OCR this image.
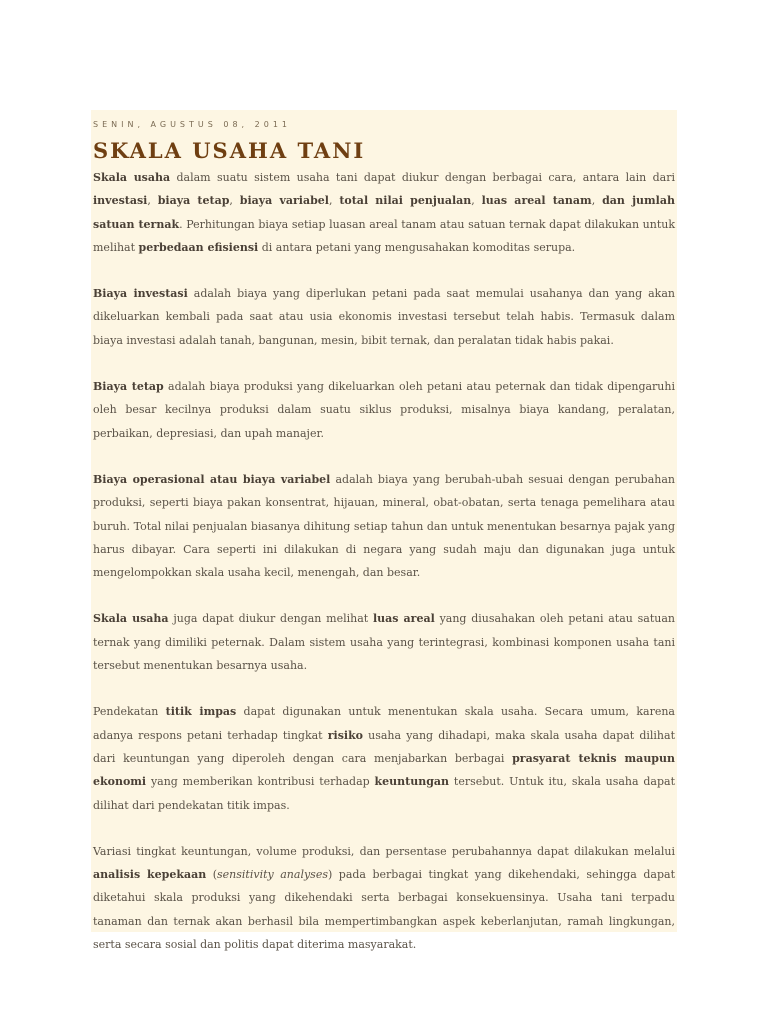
SENIN, AGUSTUS 08, 2011
SKALA USAHA TANI

Skala usaha dalam suatu sistem usaha tani dapat diukur dengan berbagai cara, antara lain dari investasi, biaya tetap, biaya variabel, total nilai penjualan, luas areal tanam, dan jumlah satuan ternak. Perhitungan biaya setiap luasan areal tanam atau satuan ternak dapat dilakukan untuk melihat perbedaan efisiensi di antara petani yang mengusahakan komoditas serupa.

Biaya investasi adalah biaya yang diperlukan petani pada saat memulai usahanya dan yang akan dikeluarkan kembali pada saat atau usia ekonomis investasi tersebut telah habis. Termasuk dalam biaya investasi adalah tanah, bangunan, mesin, bibit ternak, dan peralatan tidak habis pakai.

Biaya tetap adalah biaya produksi yang dikeluarkan oleh petani atau peternak dan tidak dipengaruhi oleh besar kecilnya produksi dalam suatu siklus produksi, misalnya biaya kandang, peralatan, perbaikan, depresiasi, dan upah manajer.

Biaya operasional atau biaya variabel adalah biaya yang berubah-ubah sesuai dengan perubahan produksi, seperti biaya pakan konsentrat, hijauan, mineral, obat-obatan, serta tenaga pemelihara atau buruh. Total nilai penjualan biasanya dihitung setiap tahun dan untuk menentukan besarnya pajak yang harus dibayar. Cara seperti ini dilakukan di negara yang sudah maju dan digunakan juga untuk mengelompokkan skala usaha kecil, menengah, dan besar.

Skala usaha juga dapat diukur dengan melihat luas areal yang diusahakan oleh petani atau satuan ternak yang dimiliki peternak. Dalam sistem usaha yang terintegrasi, kombinasi komponen usaha tani tersebut menentukan besarnya usaha.

Pendekatan titik impas dapat digunakan untuk menentukan skala usaha. Secara umum, karena adanya respons petani terhadap tingkat risiko usaha yang dihadapi, maka skala usaha dapat dilihat dari keuntungan yang diperoleh dengan cara menjabarkan berbagai prasyarat teknis maupun ekonomi yang memberikan kontribusi terhadap keuntungan tersebut. Untuk itu, skala usaha dapat dilihat dari pendekatan titik impas.

Variasi tingkat keuntungan, volume produksi, dan persentase perubahannya dapat dilakukan melalui analisis kepekaan (sensitivity analyses) pada berbagai tingkat yang dikehendaki, sehingga dapat diketahui skala produksi yang dikehendaki serta berbagai konsekuensinya. Usaha tani terpadu tanaman dan ternak akan berhasil bila mempertimbangkan aspek keberlanjutan, ramah lingkungan, serta secara sosial dan politis dapat diterima masyarakat.
